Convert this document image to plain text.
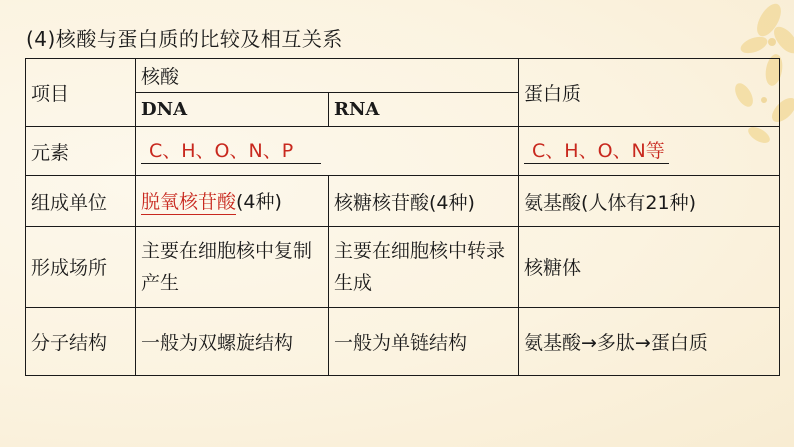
(4)核酸与蛋白质的比较及相互关系
项目	核酸		蛋白质
	DNA	RNA	
元素	C、H、O、N、P		C、H、O、N等
组成单位	脱氧核苷酸(4种)	核糖核苷酸(4种)	氨基酸(人体有21种)
形成场所	主要在细胞核中复制产生	主要在细胞核中转录生成	核糖体
分子结构	一般为双螺旋结构	一般为单链结构	氨基酸→多肽→蛋白质
